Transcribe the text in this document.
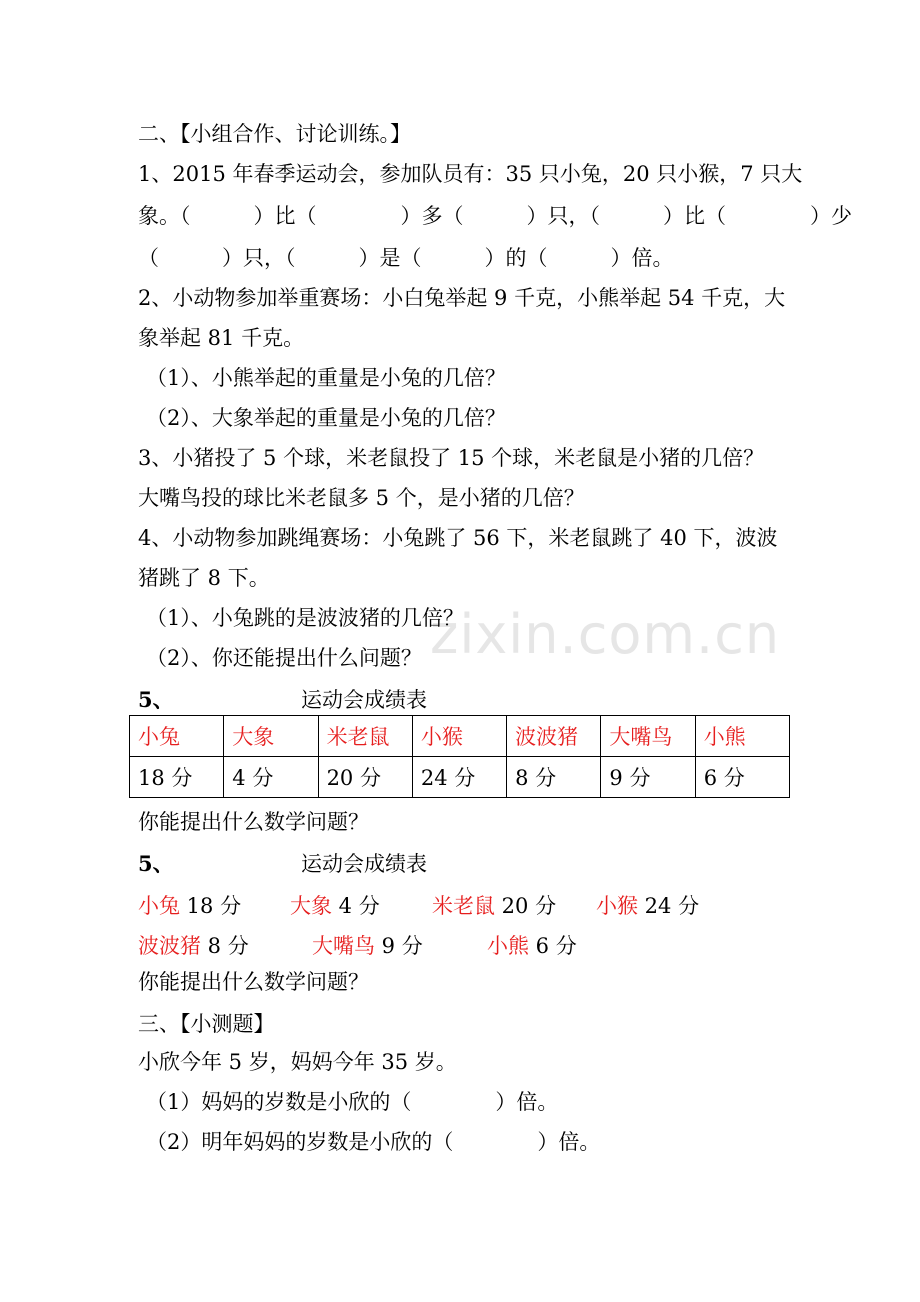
zixin.com.cn
二、【小组合作、讨论训练。】
1、2015 年春季运动会，参加队员有：35 只小兔，20 只小猴，7 只大
象。（　　　）比（　　　　）多（　　　）只，（　　　）比（　　　　）少
（　　　）只，（　　　）是（　　　）的（　　　）倍。
2、小动物参加举重赛场：小白兔举起 9 千克，小熊举起 54 千克，大
象举起 81 千克。
（1）、小熊举起的重量是小兔的几倍？
（2）、大象举起的重量是小兔的几倍？
3、小猪投了 5 个球，米老鼠投了 15 个球，米老鼠是小猪的几倍？
大嘴鸟投的球比米老鼠多 5 个，是小猪的几倍？
4、小动物参加跳绳赛场：小兔跳了 56 下，米老鼠跳了 40 下，波波
猪跳了 8 下。
（1）、小兔跳的是波波猪的几倍？
（2）、你还能提出什么问题？
5、	运动会成绩表
小兔	大象	米老鼠	小猴	波波猪	大嘴鸟	小熊
18 分	4 分	20 分	24 分	8 分	9 分	6 分
你能提出什么数学问题？
5、	运动会成绩表
小兔 18 分 大象 4 分 米老鼠 20 分 小猴 24 分
波波猪 8 分	大嘴鸟 9 分	小熊 6 分
你能提出什么数学问题？
三、【小测题】
小欣今年 5 岁，妈妈今年 35 岁。
（1）妈妈的岁数是小欣的（　　　　）倍。
（2）明年妈妈的岁数是小欣的（　　　　）倍。
